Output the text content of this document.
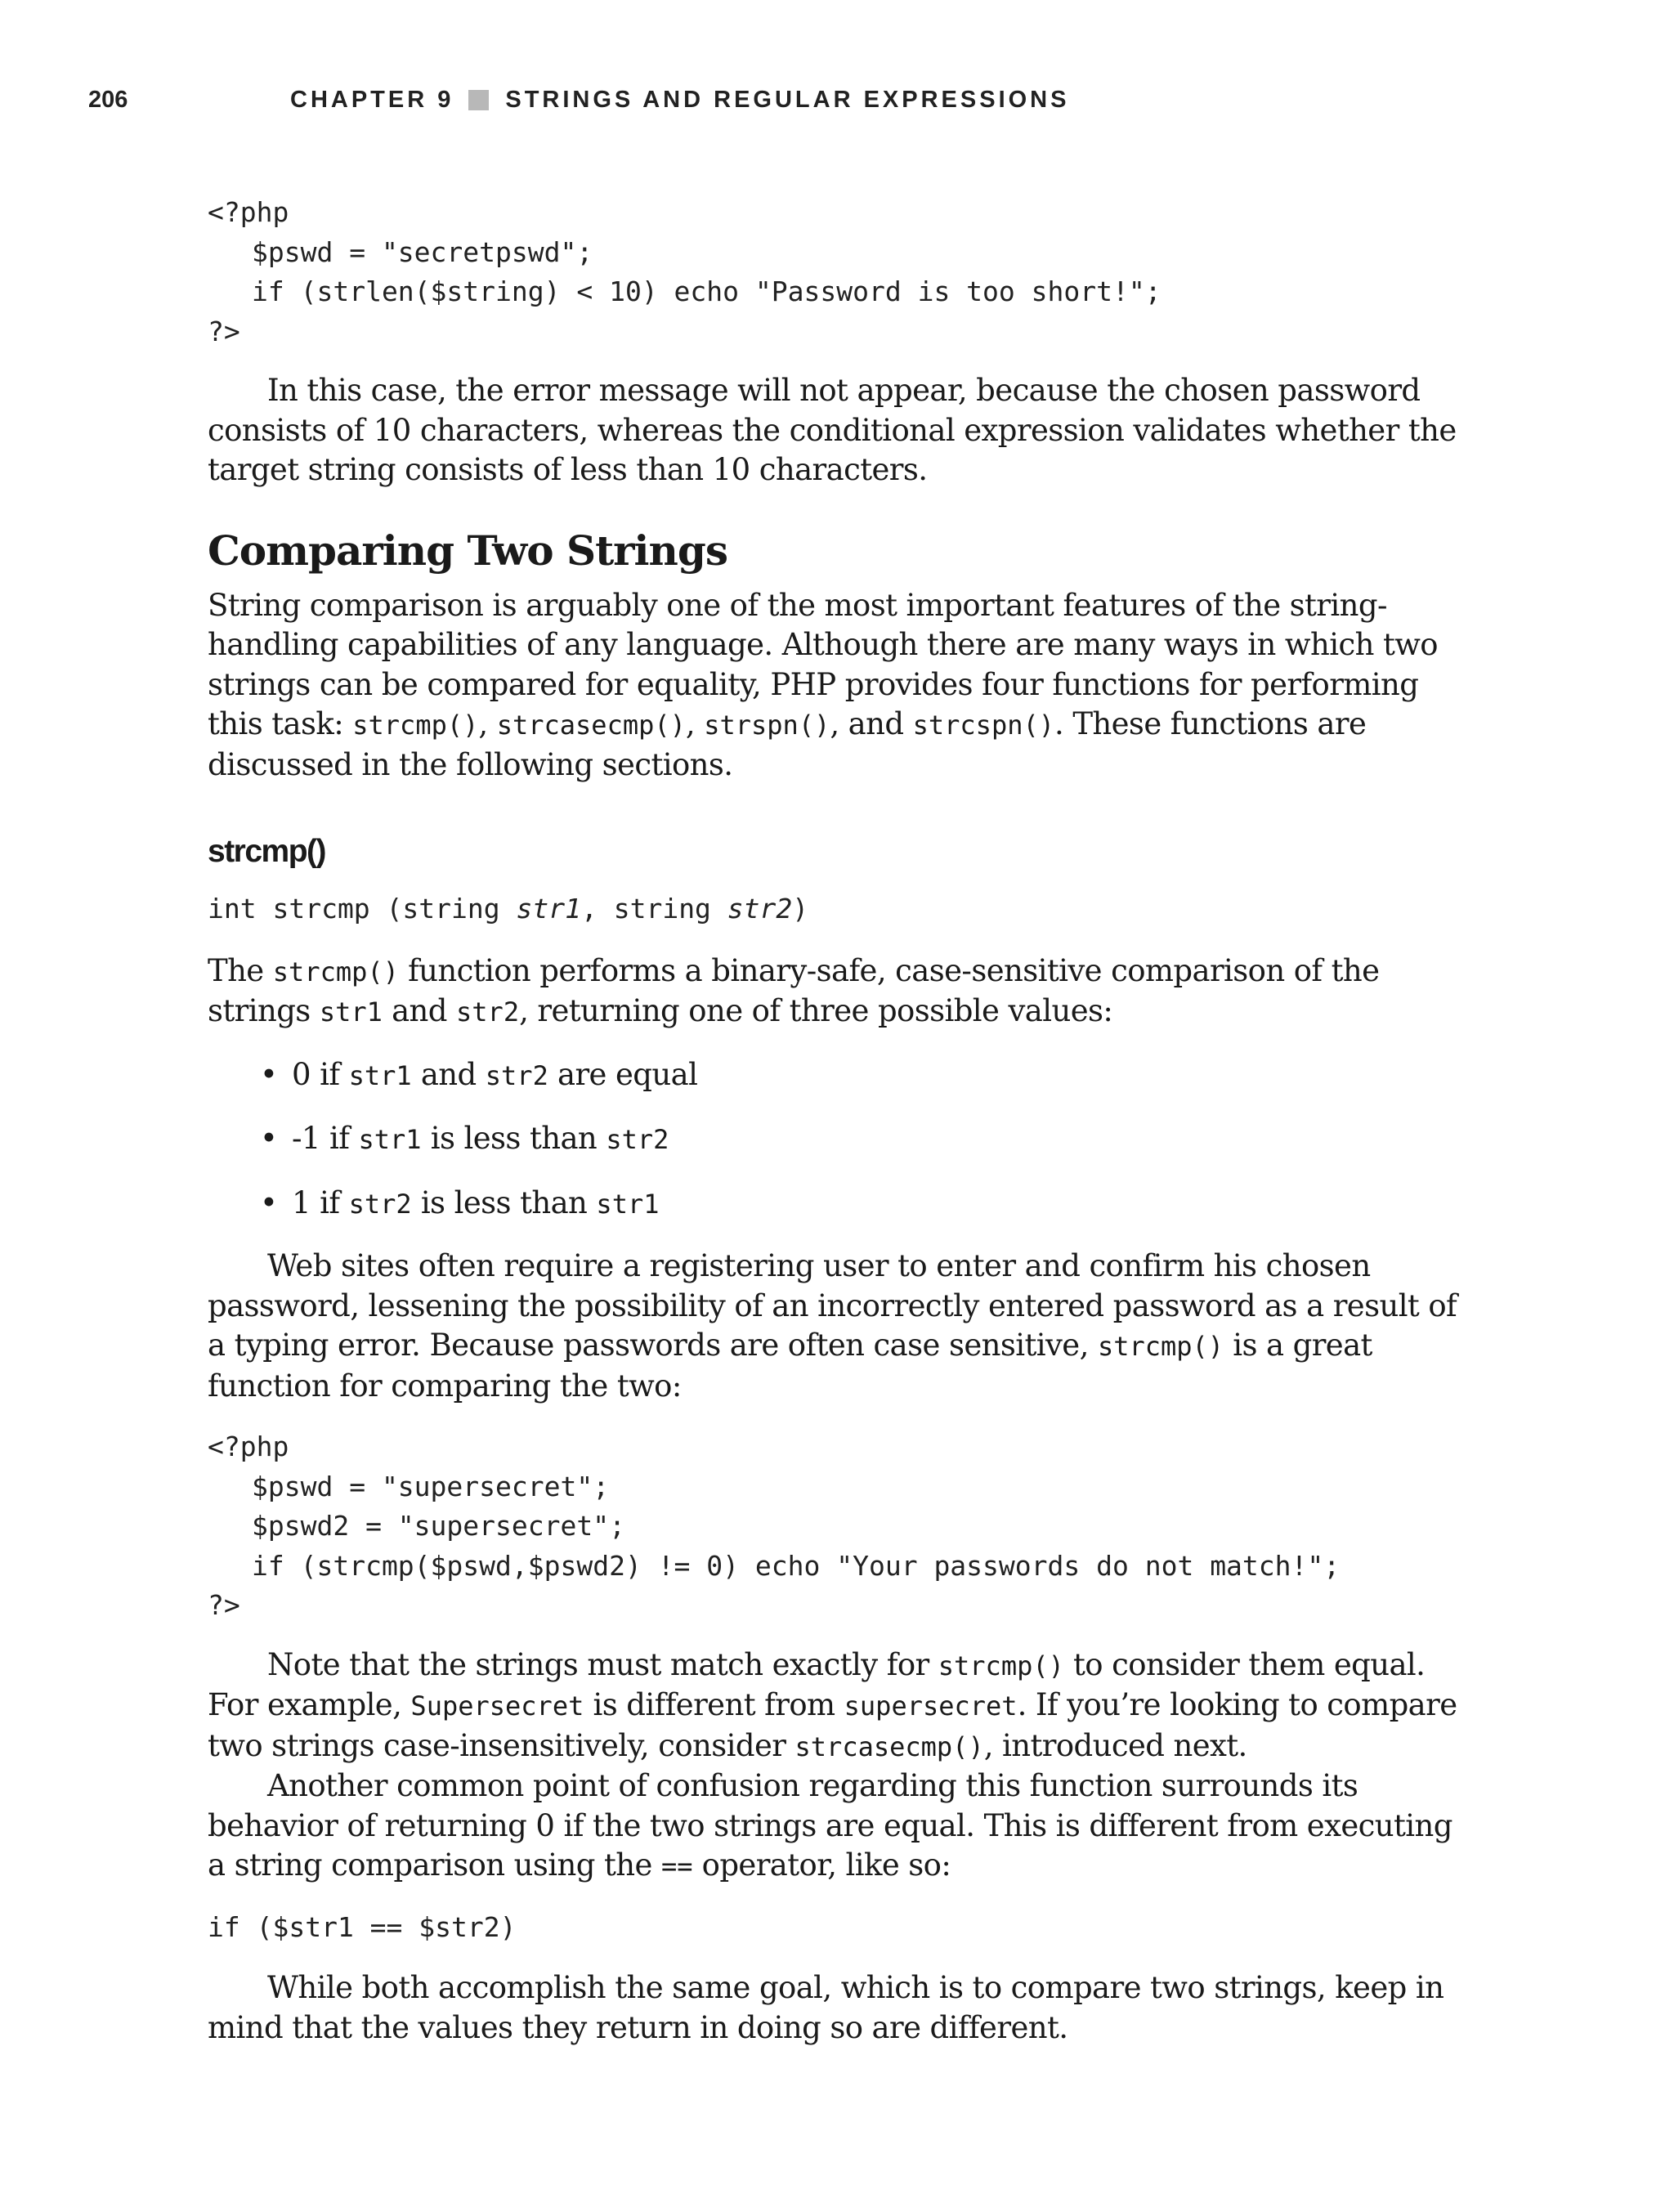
206	CHAPTER 9 STRINGS AND REGULAR EXPRESSIONS
<?php
$pswd = "secretpswd";
if (strlen($string) < 10) echo "Password is too short!";
?>

In this case, the error message will not appear, because the chosen password consists of 10 characters, whereas the conditional expression validates whether the target string consists of less than 10 characters.

Comparing Two Strings

String comparison is arguably one of the most important features of the string-handling capabilities of any language. Although there are many ways in which two strings can be compared for equality, PHP provides four functions for performing this task: strcmp(), strcasecmp(), strspn(), and strcspn(). These functions are discussed in the following sections.

strcmp()
int strcmp (string str1, string str2)

The strcmp() function performs a binary-safe, case-sensitive comparison of the strings str1 and str2, returning one of three possible values:

• 0 if str1 and str2 are equal
• -1 if str1 is less than str2
• 1 if str2 is less than str1

Web sites often require a registering user to enter and confirm his chosen password, lessening the possibility of an incorrectly entered password as a result of a typing error. Because passwords are often case sensitive, strcmp() is a great function for comparing the two:

<?php
$pswd = "supersecret";
$pswd2 = "supersecret";
if (strcmp($pswd,$pswd2) != 0) echo "Your passwords do not match!";
?>

Note that the strings must match exactly for strcmp() to consider them equal. For example, Supersecret is different from supersecret. If you’re looking to compare two strings case-insensitively, consider strcasecmp(), introduced next.

Another common point of confusion regarding this function surrounds its behavior of returning 0 if the two strings are equal. This is different from executing a string comparison using the == operator, like so:

if ($str1 == $str2)

While both accomplish the same goal, which is to compare two strings, keep in mind that the values they return in doing so are different.
